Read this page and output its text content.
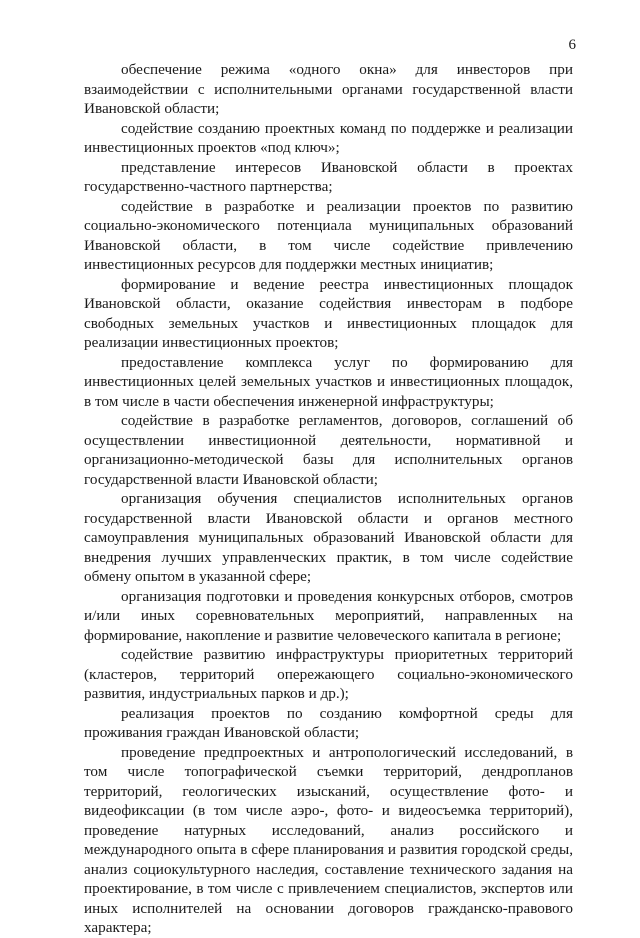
6

обеспечение режима «одного окна» для инвесторов при взаимодействии с исполнительными органами государственной власти Ивановской области;

содействие созданию проектных команд по поддержке и реализации инвестиционных проектов «под ключ»;

представление интересов Ивановской области в проектах государственно-частного партнерства;

содействие в разработке и реализации проектов по развитию социально-экономического потенциала муниципальных образований Ивановской области, в том числе содействие привлечению инвестиционных ресурсов для поддержки местных инициатив;

формирование и ведение реестра инвестиционных площадок Ивановской области, оказание содействия инвесторам в подборе свободных земельных участков и инвестиционных площадок для реализации инвестиционных проектов;

предоставление комплекса услуг по формированию для инвестиционных целей земельных участков и инвестиционных площадок, в том числе в части обеспечения инженерной инфраструктуры;

содействие в разработке регламентов, договоров, соглашений об осуществлении инвестиционной деятельности, нормативной и организационно-методической базы для исполнительных органов государственной власти Ивановской области;

организация обучения специалистов исполнительных органов государственной власти Ивановской области и органов местного самоуправления муниципальных образований Ивановской области для внедрения лучших управленческих практик, в том числе содействие обмену опытом в указанной сфере;

организация подготовки и проведения конкурсных отборов, смотров и/или иных соревновательных мероприятий, направленных на формирование, накопление и развитие человеческого капитала в регионе;

содействие развитию инфраструктуры приоритетных территорий (кластеров, территорий опережающего социально-экономического развития, индустриальных парков и др.);

реализация проектов по созданию комфортной среды для проживания граждан Ивановской области;

проведение предпроектных и антропологический исследований, в том числе топографической съемки территорий, дендропланов территорий, геологических изысканий, осуществление фото- и видеофиксации (в том числе аэро-, фото- и видеосъемка территорий), проведение натурных исследований, анализ российского и международного опыта в сфере планирования и развития городской среды, анализ социокультурного наследия, составление технического задания на проектирование, в том числе с привлечением специалистов, экспертов или иных исполнителей на основании договоров гражданско-правового характера;
